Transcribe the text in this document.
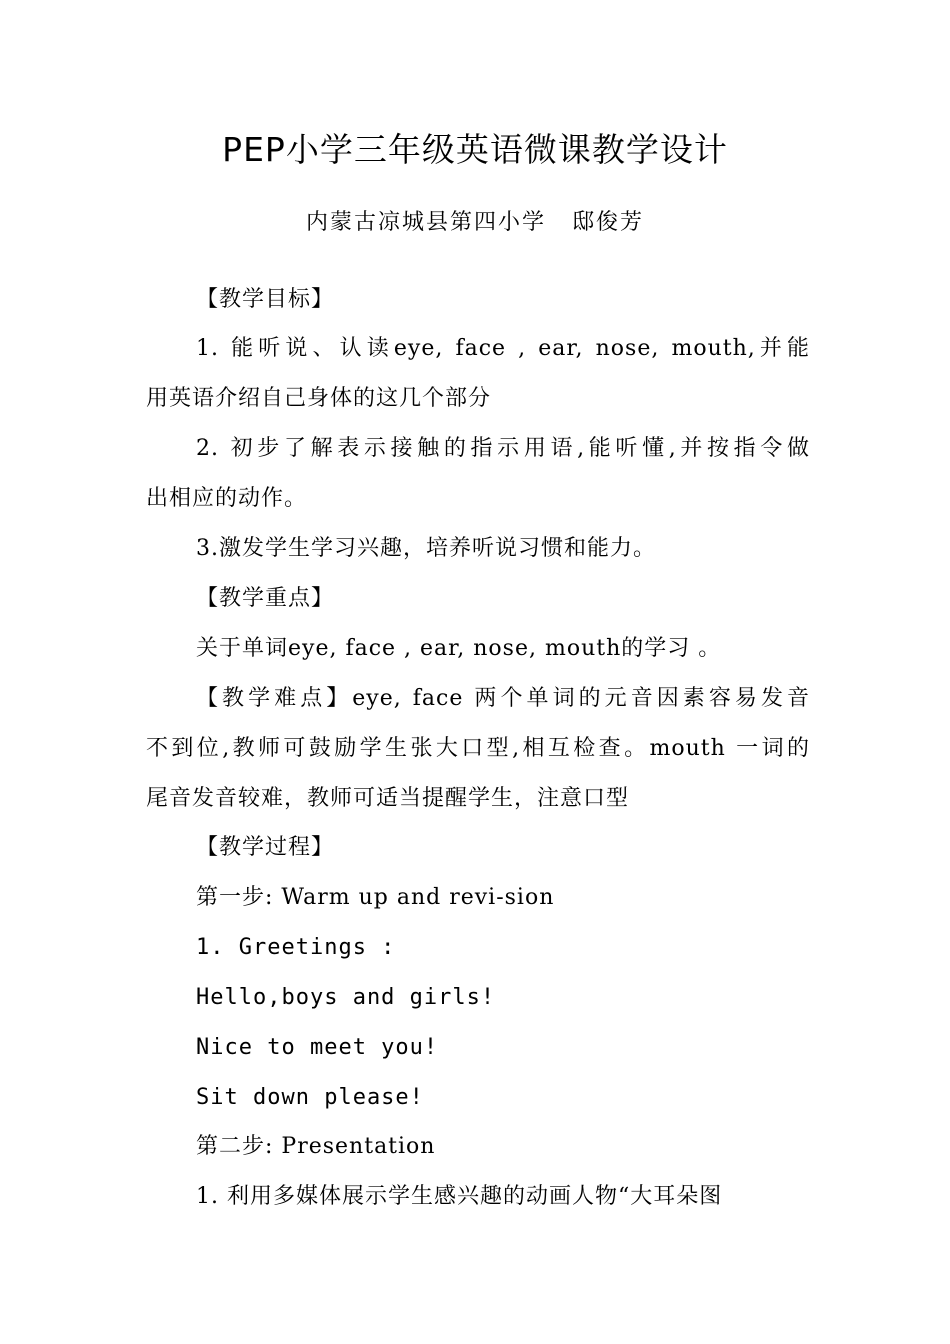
PEP小学三年级英语微课教学设计
内蒙古凉城县第四小学 邸俊芳
【教学目标】
1. 能听说、认读eye, face , ear, nose, mouth,并能
用英语介绍自己身体的这几个部分
2. 初步了解表示接触的指示用语,能听懂,并按指令做
出相应的动作。
3.激发学生学习兴趣，培养听说习惯和能力。
【教学重点】
关于单词eye, face , ear, nose, mouth的学习 。
【教学难点】eye, face 两个单词的元音因素容易发音
不到位,教师可鼓励学生张大口型,相互检查。mouth 一词的
尾音发音较难，教师可适当提醒学生，注意口型
【教学过程】
第一步: Warm up and revi-sion
1. Greetings :
Hello,boys and girls!
Nice to meet you!
Sit down please!
第二步: Presentation
1. 利用多媒体展示学生感兴趣的动画人物“大耳朵图
